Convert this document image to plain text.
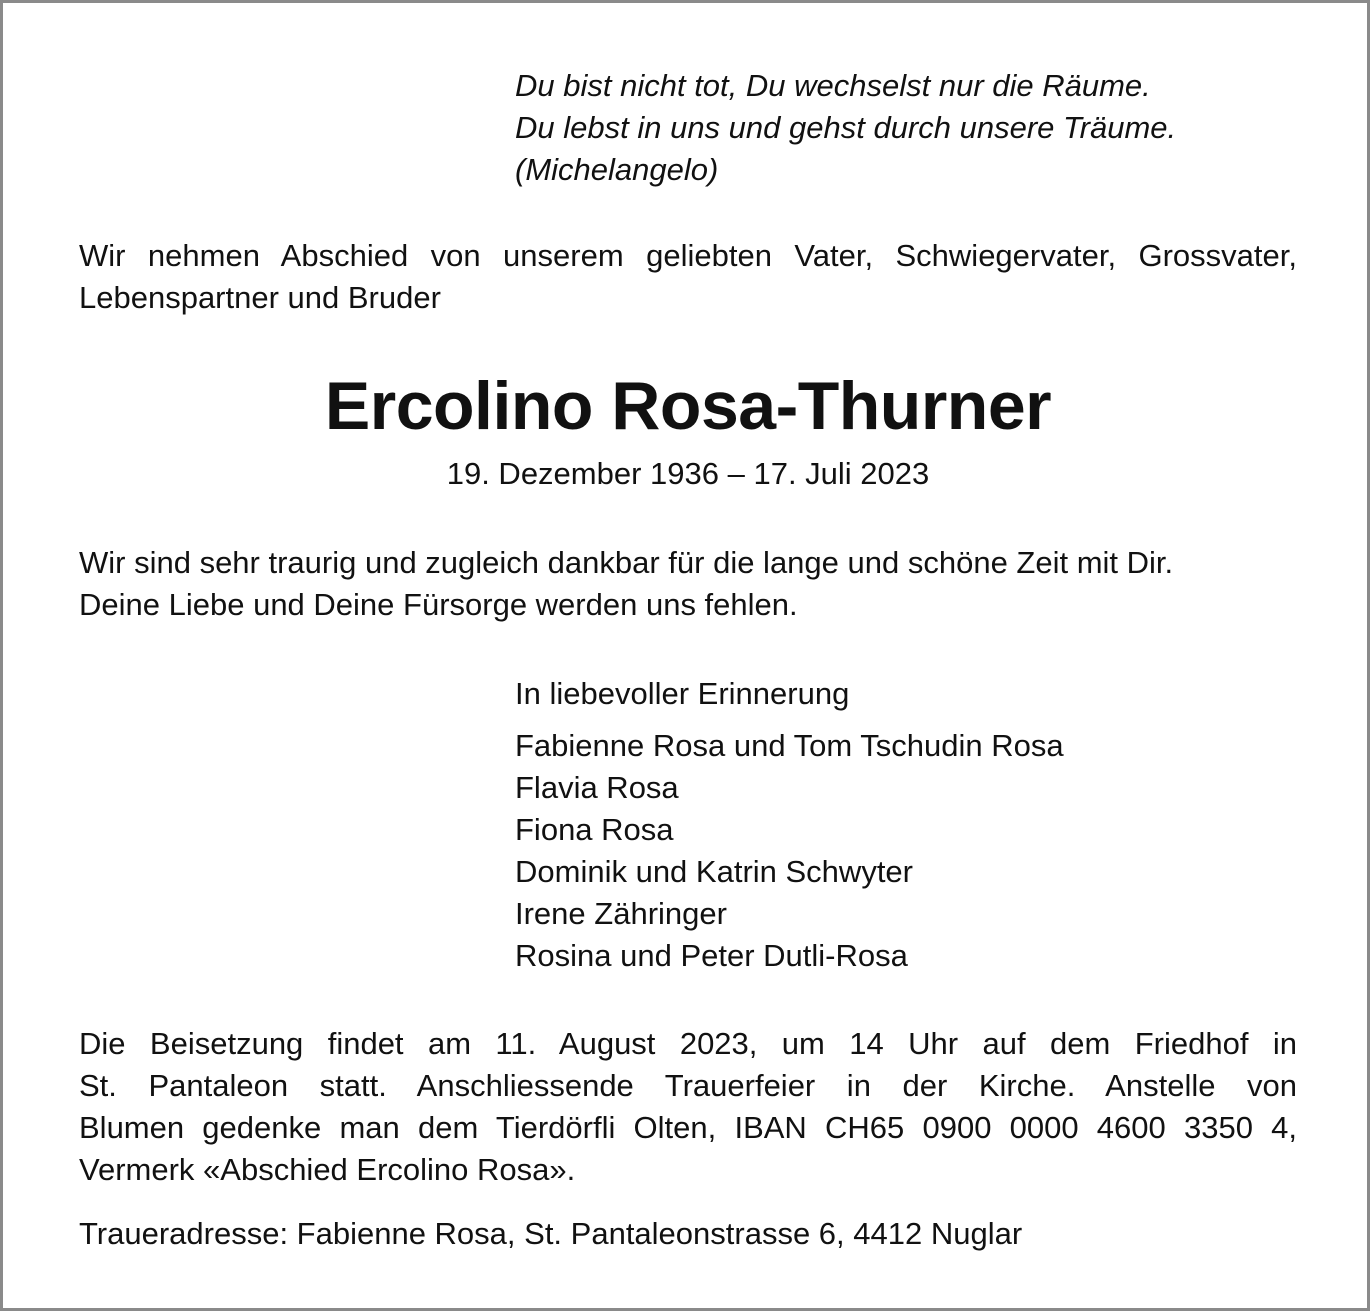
Du bist nicht tot, Du wechselst nur die Räume.
Du lebst in uns und gehst durch unsere Träume.
(Michelangelo)
Wir nehmen Abschied von unserem geliebten Vater, Schwiegervater, Grossvater, Lebenspartner und Bruder
Ercolino Rosa-Thurner
19. Dezember 1936 – 17. Juli 2023
Wir sind sehr traurig und zugleich dankbar für die lange und schöne Zeit mit Dir.
Deine Liebe und Deine Fürsorge werden uns fehlen.
In liebevoller Erinnerung
Fabienne Rosa und Tom Tschudin Rosa
Flavia Rosa
Fiona Rosa
Dominik und Katrin Schwyter
Irene Zähringer
Rosina und Peter Dutli-Rosa
Die Beisetzung findet am 11. August 2023, um 14 Uhr auf dem Friedhof in
St. Pantaleon statt. Anschliessende Trauerfeier in der Kirche. Anstelle von
Blumen gedenke man dem Tierdörfli Olten, IBAN CH65 0900 0000 4600 3350 4,
Vermerk «Abschied Ercolino Rosa».
Traueradresse: Fabienne Rosa, St. Pantaleonstrasse 6, 4412 Nuglar
